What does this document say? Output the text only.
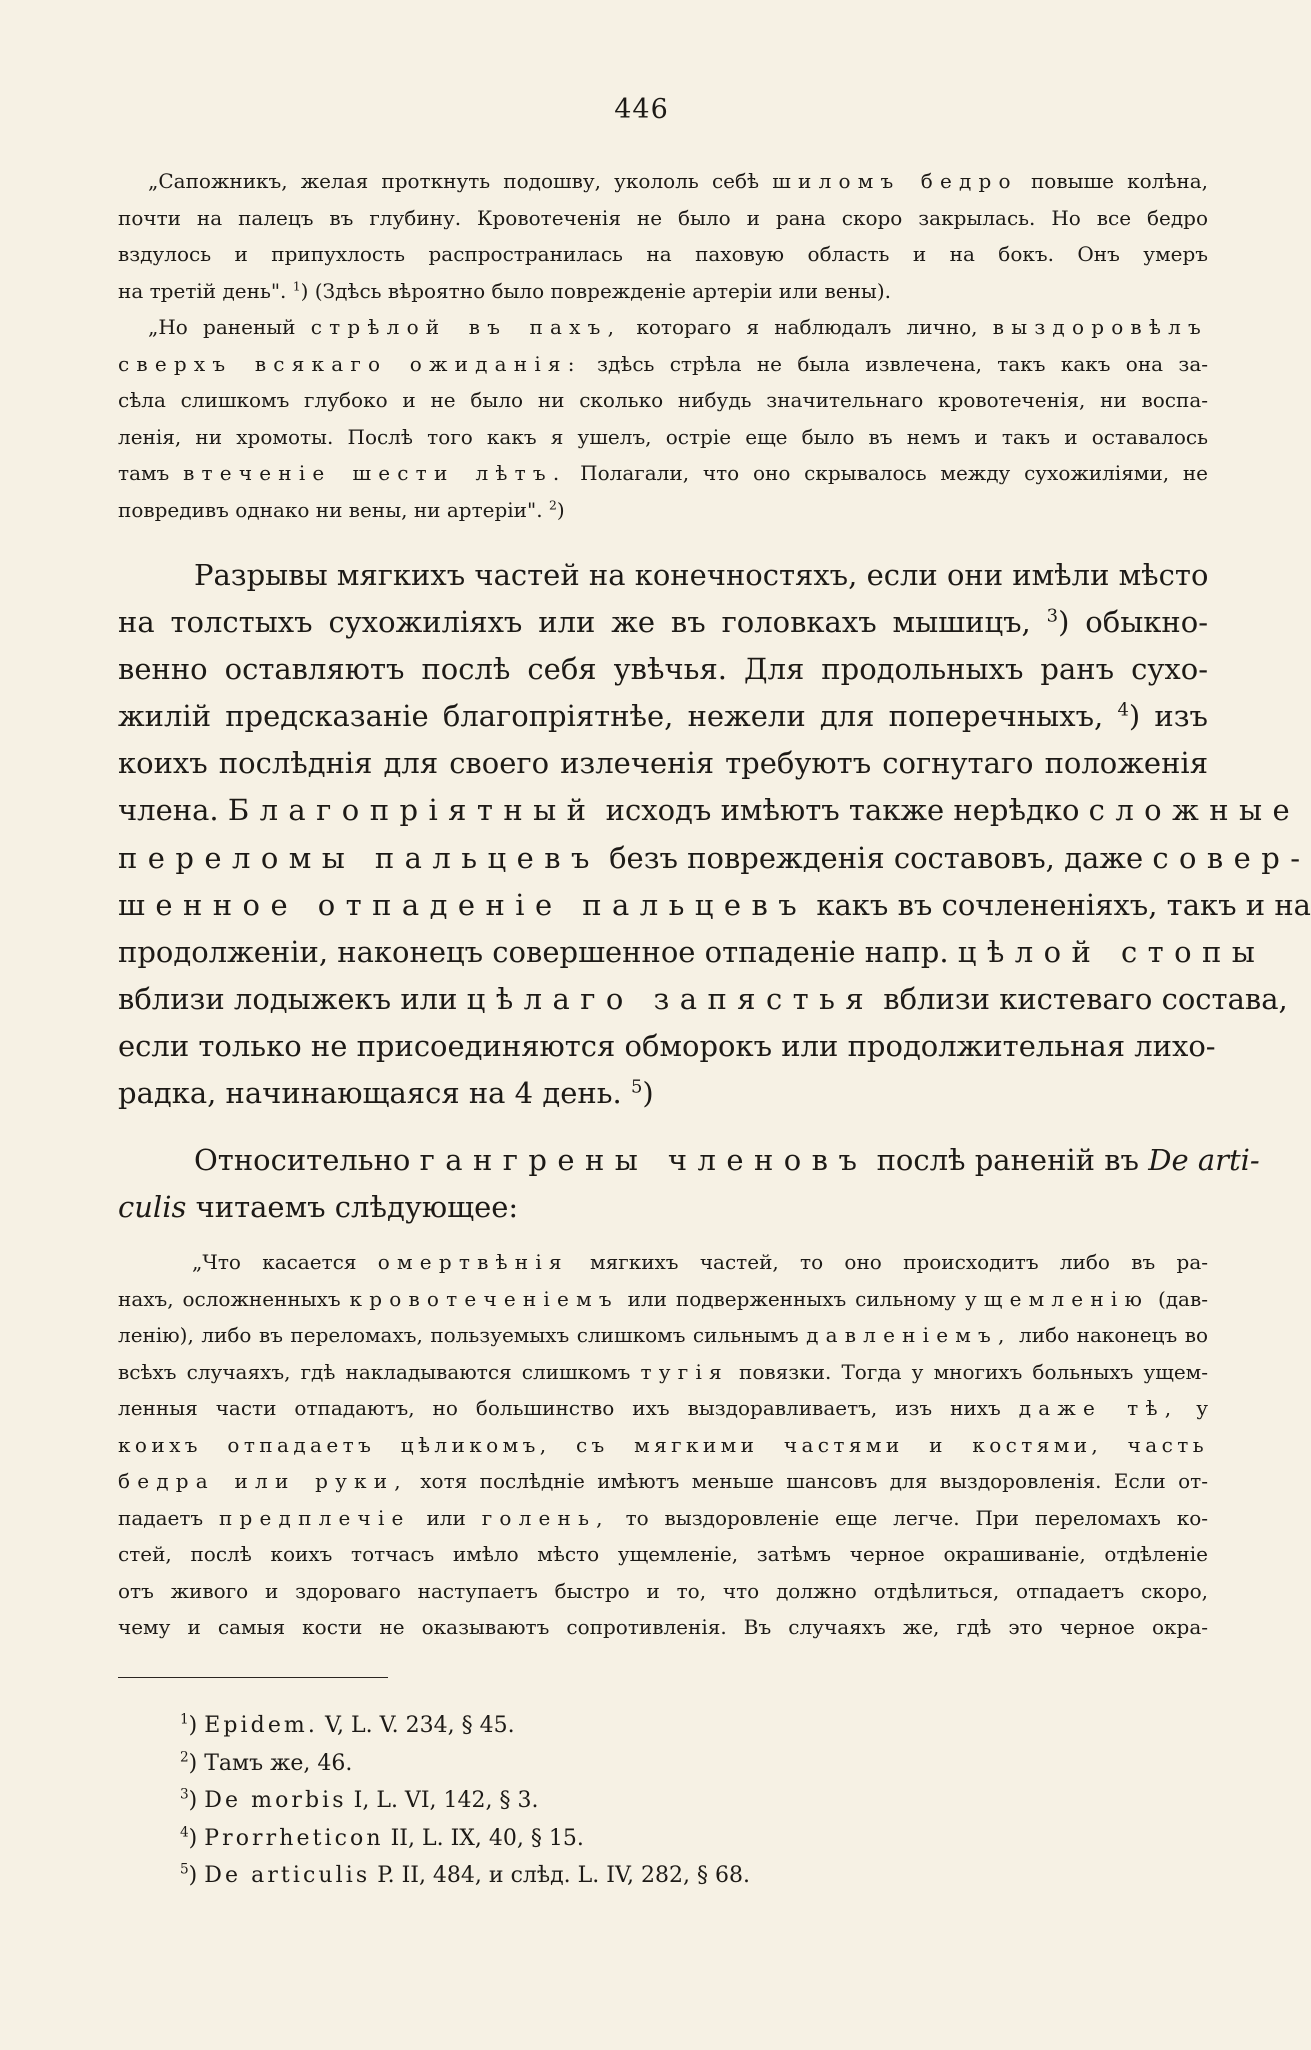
446
„Сапожникъ, желая проткнуть подошву, укололь себѣ шиломъ бедро повыше колѣна,
почти на палецъ въ глубину. Кровотеченія не было и рана скоро закрылась. Но все бедро
вздулось и припухлость распространилась на паховую область и на бокъ. Онъ умеръ
на третій день". $^1$) (Здѣсь вѣроятно было поврежденіе артеріи или вены).
„Но раненый стрѣлой въ пахъ, котораго я наблюдалъ лично, выздоровѣлъ
сверхъ всякаго ожиданія: здѣсь стрѣла не была извлечена, такъ какъ она за-
сѣла слишкомъ глубоко и не было ни сколько нибудь значительнаго кровотеченія, ни воспа-
ленія, ни хромоты. Послѣ того какъ я ушелъ, остріе еще было въ немъ и такъ и оставалось
тамъ втеченіе шести лѣтъ. Полагали, что оно скрывалось между сухожиліями, не
повредивъ однако ни вены, ни артеріи". $^2$)
Разрывы мягкихъ частей на конечностяхъ, если они имѣли мѣсто
на толстыхъ сухожиліяхъ или же въ головкахъ мышицъ, $^3$) обыкно-
венно оставляютъ послѣ себя увѣчья. Для продольныхъ ранъ сухо-
жилій предсказаніе благопріятнѣе, нежели для поперечныхъ, $^4$) изъ
коихъ послѣднія для своего излеченія требуютъ согнутаго положенія
члена. Благопріятный исходъ имѣютъ также нерѣдко сложные
переломы пальцевъ безъ поврежденія составовъ, даже совер-
шенное отпаденіе пальцевъ какъ въ сочлененіяхъ, такъ и на
продолженіи, наконецъ совершенное отпаденіе напр. цѣлой стопы
вблизи лодыжекъ или цѣлаго запястья вблизи кистеваго состава,
если только не присоединяются обморокъ или продолжительная лихо-
радка, начинающаяся на 4 день. $^5$)
Относительно гангрены членовъ послѣ раненій въ De arti-
culis читаемъ слѣдующее:
„Что касается омертвѣнія мягкихъ частей, то оно происходитъ либо въ ра-
нахъ, осложненныхъ кровотеченіемъ или подверженныхъ сильному ущемленію (дав-
ленію), либо въ переломахъ, пользуемыхъ слишкомъ сильнымъ давленіемъ, либо наконецъ во
всѣхъ случаяхъ, гдѣ накладываются слишкомъ тугія повязки. Тогда у многихъ больныхъ ущем-
ленныя части отпадаютъ, но большинство ихъ выздоравливаетъ, изъ нихъ даже тѣ, у
коихъ отпадаетъ цѣликомъ, съ мягкими частями и костями, часть
бедра или руки, хотя послѣдніе имѣютъ меньше шансовъ для выздоровленія. Если от-
падаетъ предплечіе или голень, то выздоровленіе еще легче. При переломахъ ко-
стей, послѣ коихъ тотчасъ имѣло мѣсто ущемленіе, затѣмъ черное окрашиваніе, отдѣленіе
отъ живого и здороваго наступаетъ быстро и то, что должно отдѣлиться, отпадаетъ скоро,
чему и самыя кости не оказываютъ сопротивленія. Въ случаяхъ же, гдѣ это черное окра-
$^1$) Epidem. V, L. V. 234, § 45.
$^2$) Тамъ же, 46.
$^3$) De morbis I, L. VI, 142, § 3.
$^4$) Prorrheticon II, L. IX, 40, § 15.
$^5$) De articulis P. II, 484, и слѣд. L. IV, 282, § 68.
